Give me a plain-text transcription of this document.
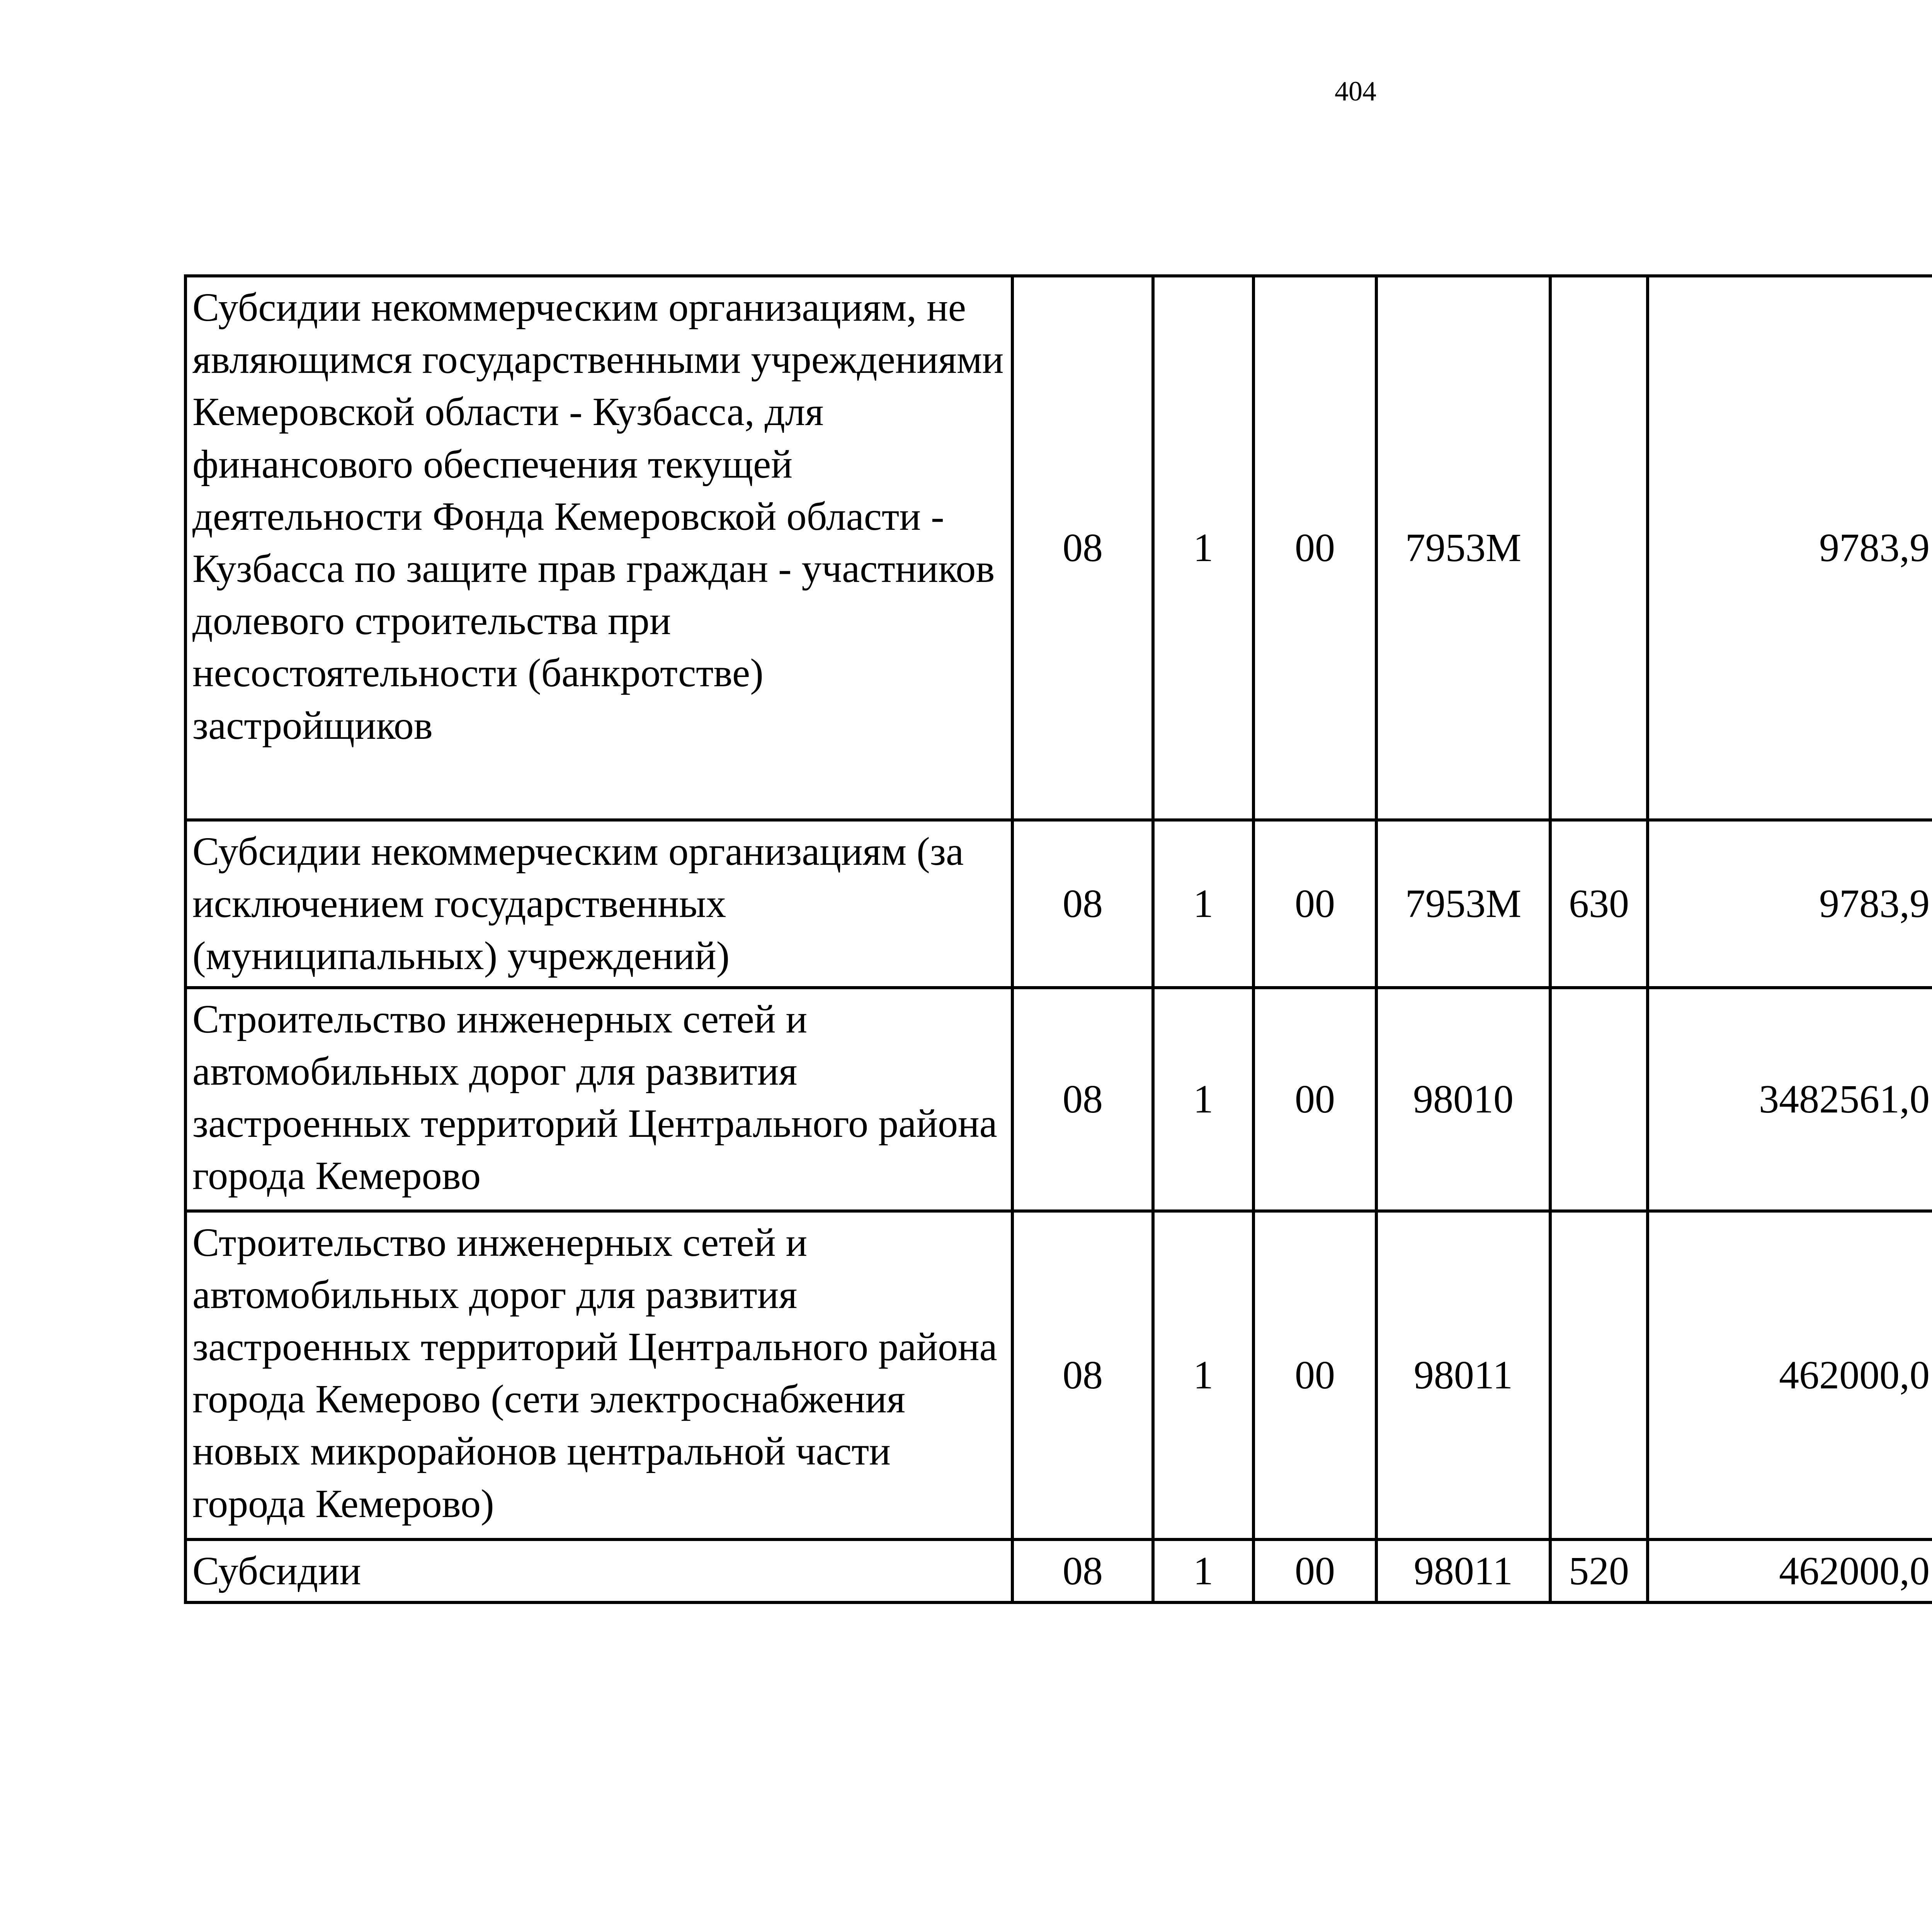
404
Субсидии некоммерческим организациям, не являющимся государственными учреждениями Кемеровской области - Кузбасса, для финансового обеспечения текущей деятельности Фонда Кемеровской области - Кузбасса по защите прав граждан - участников долевого строительства при несостоятельности (банкротстве) застройщиков	08	1	00	7953М		9783,9		
Субсидии некоммерческим организациям (за исключением государственных (муниципальных) учреждений)	08	1	00	7953М	630	9783,9		
Строительство инженерных сетей и автомобильных дорог для развития застроенных территорий Центрального района города Кемерово	08	1	00	98010		3482561,0		
Строительство инженерных сетей и автомобильных дорог для развития застроенных территорий Центрального района города Кемерово (сети электроснабжения новых микрорайонов центральной части города Кемерово)	08	1	00	98011		462000,0		
Субсидии	08	1	00	98011	520	462000,0		
